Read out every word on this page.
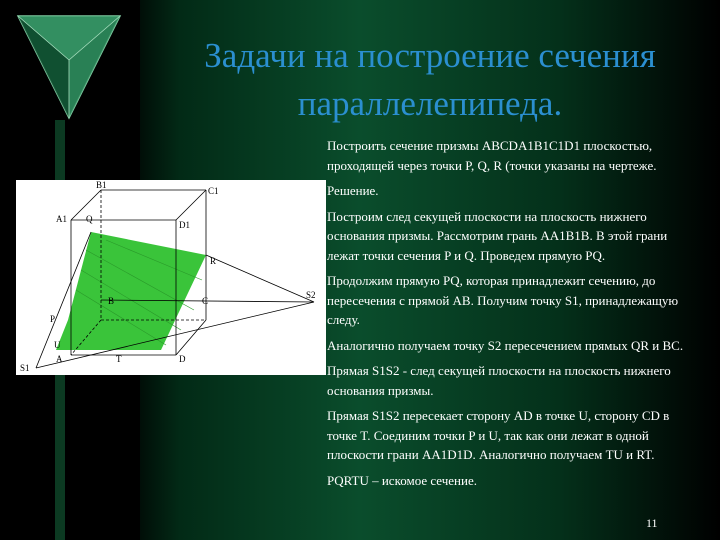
Задачи на построение сечения
параллелепипеда.
B1
C1
A1
D1
Q
R
P
B	C
A	D
U
T
S1
S2

Построить сечение призмы ABCDA1B1C1D1 плоскостью, проходящей через точки P, Q, R (точки указаны на чертеже.

Решение.

Построим след секущей плоскости на плоскость нижнего основания призмы. Рассмотрим грань AA1B1B. В этой грани лежат точки сечения P и Q. Проведем прямую PQ.

Продолжим прямую PQ, которая принадлежит сечению, до пересечения с прямой AB. Получим точку S1, принадлежащую следу.

Аналогично получаем точку S2 пересечением прямых QR и BC.

Прямая S1S2 - след секущей плоскости на плоскость нижнего основания призмы.

Прямая S1S2 пересекает сторону AD в точке U, сторону CD в точке T. Соединим точки P и U, так как они лежат в одной плоскости грани AA1D1D. Аналогично получаем TU и RT.

PQRTU – искомое сечение.

11
